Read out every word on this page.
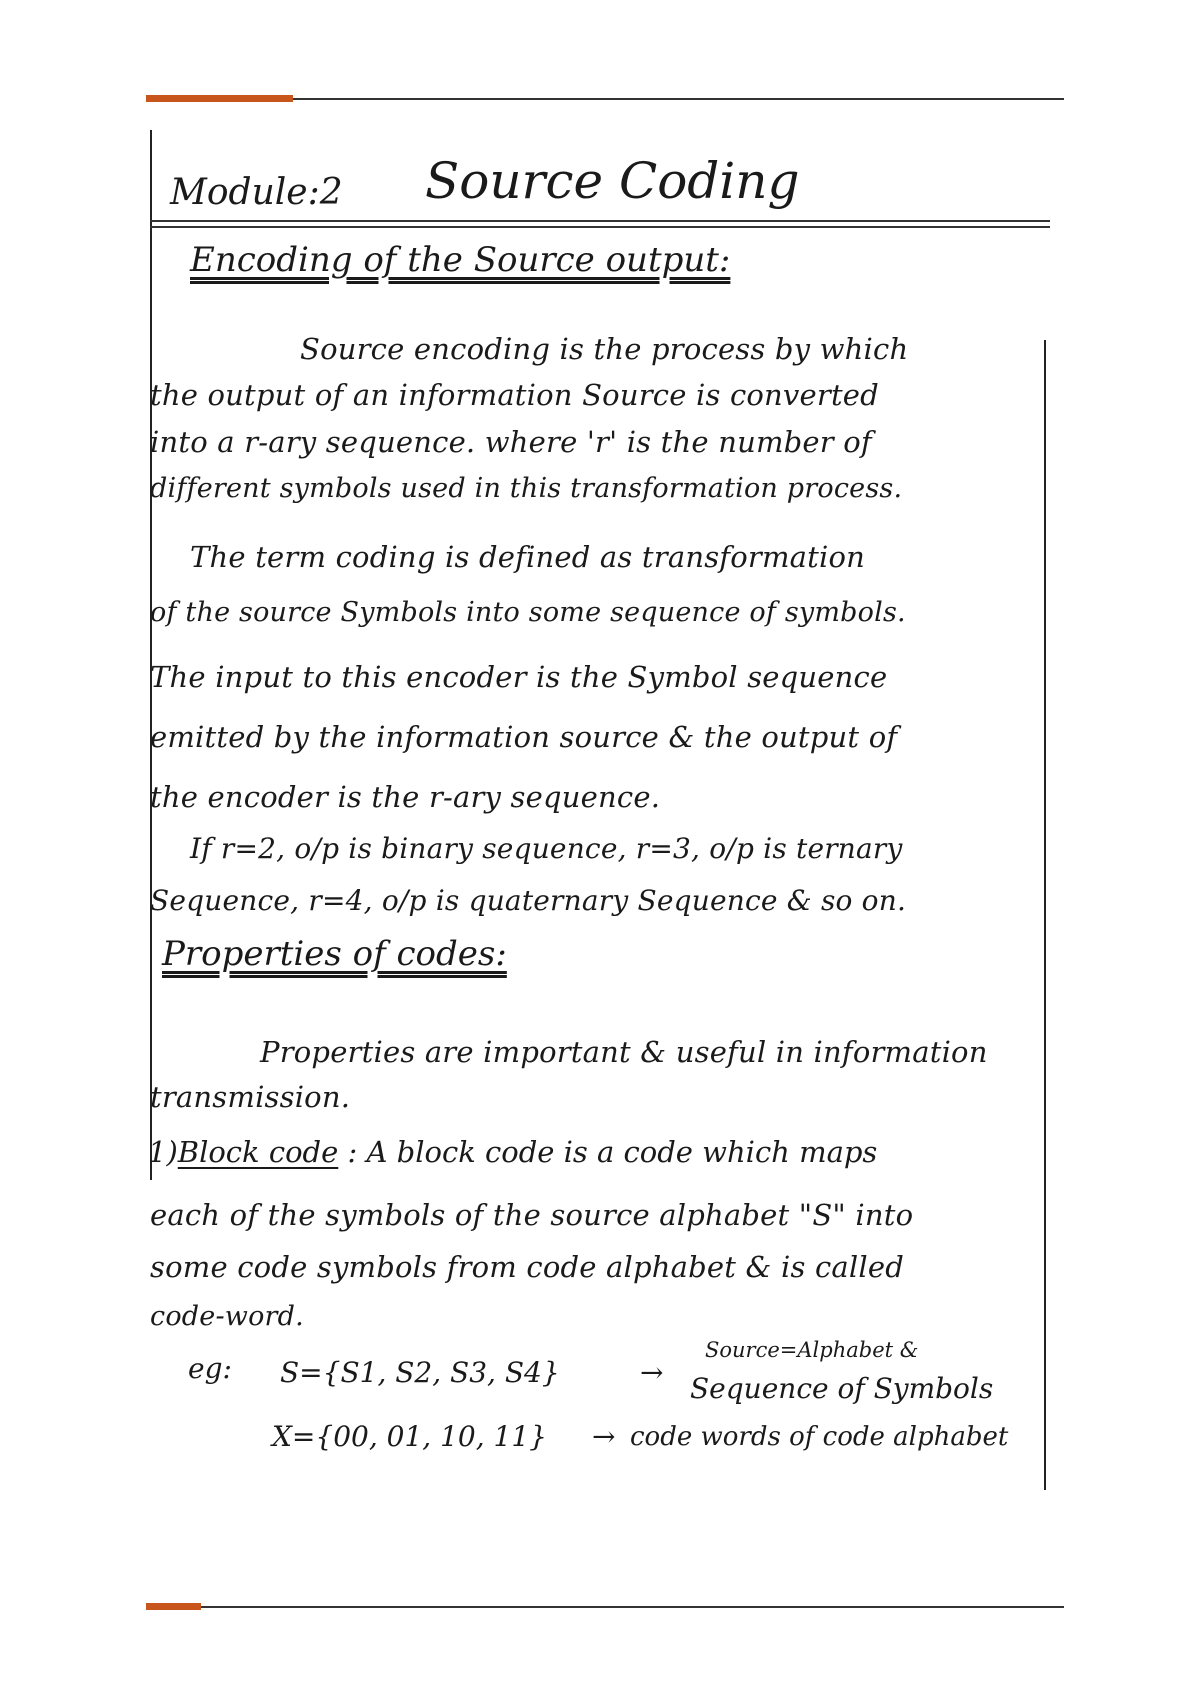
Module:2 Source Coding
Encoding of the Source output:
Source encoding is the process by which
the output of an information Source is converted
into a r-ary sequence. where 'r' is the number of
different symbols used in this transformation process.
The term coding is defined as transformation
of the source Symbols into some sequence of symbols.
The input to this encoder is the Symbol sequence
emitted by the information source & the output of
the encoder is the r-ary sequence.
If r=2, o/p is binary sequence, r=3, o/p is ternary
Sequence, r=4, o/p is quaternary Sequence & so on.
Properties of codes:
Properties are important & useful in information
transmission.
1)Block code : A block code is a code which maps
each of the symbols of the source alphabet "S" into
some code symbols from code alphabet & is called
code-word.
eg: S={S1, S2, S3, S4}	→
Source=Alphabet &
Sequence of Symbols
X={00, 01, 10, 11} → code words of code alphabet
